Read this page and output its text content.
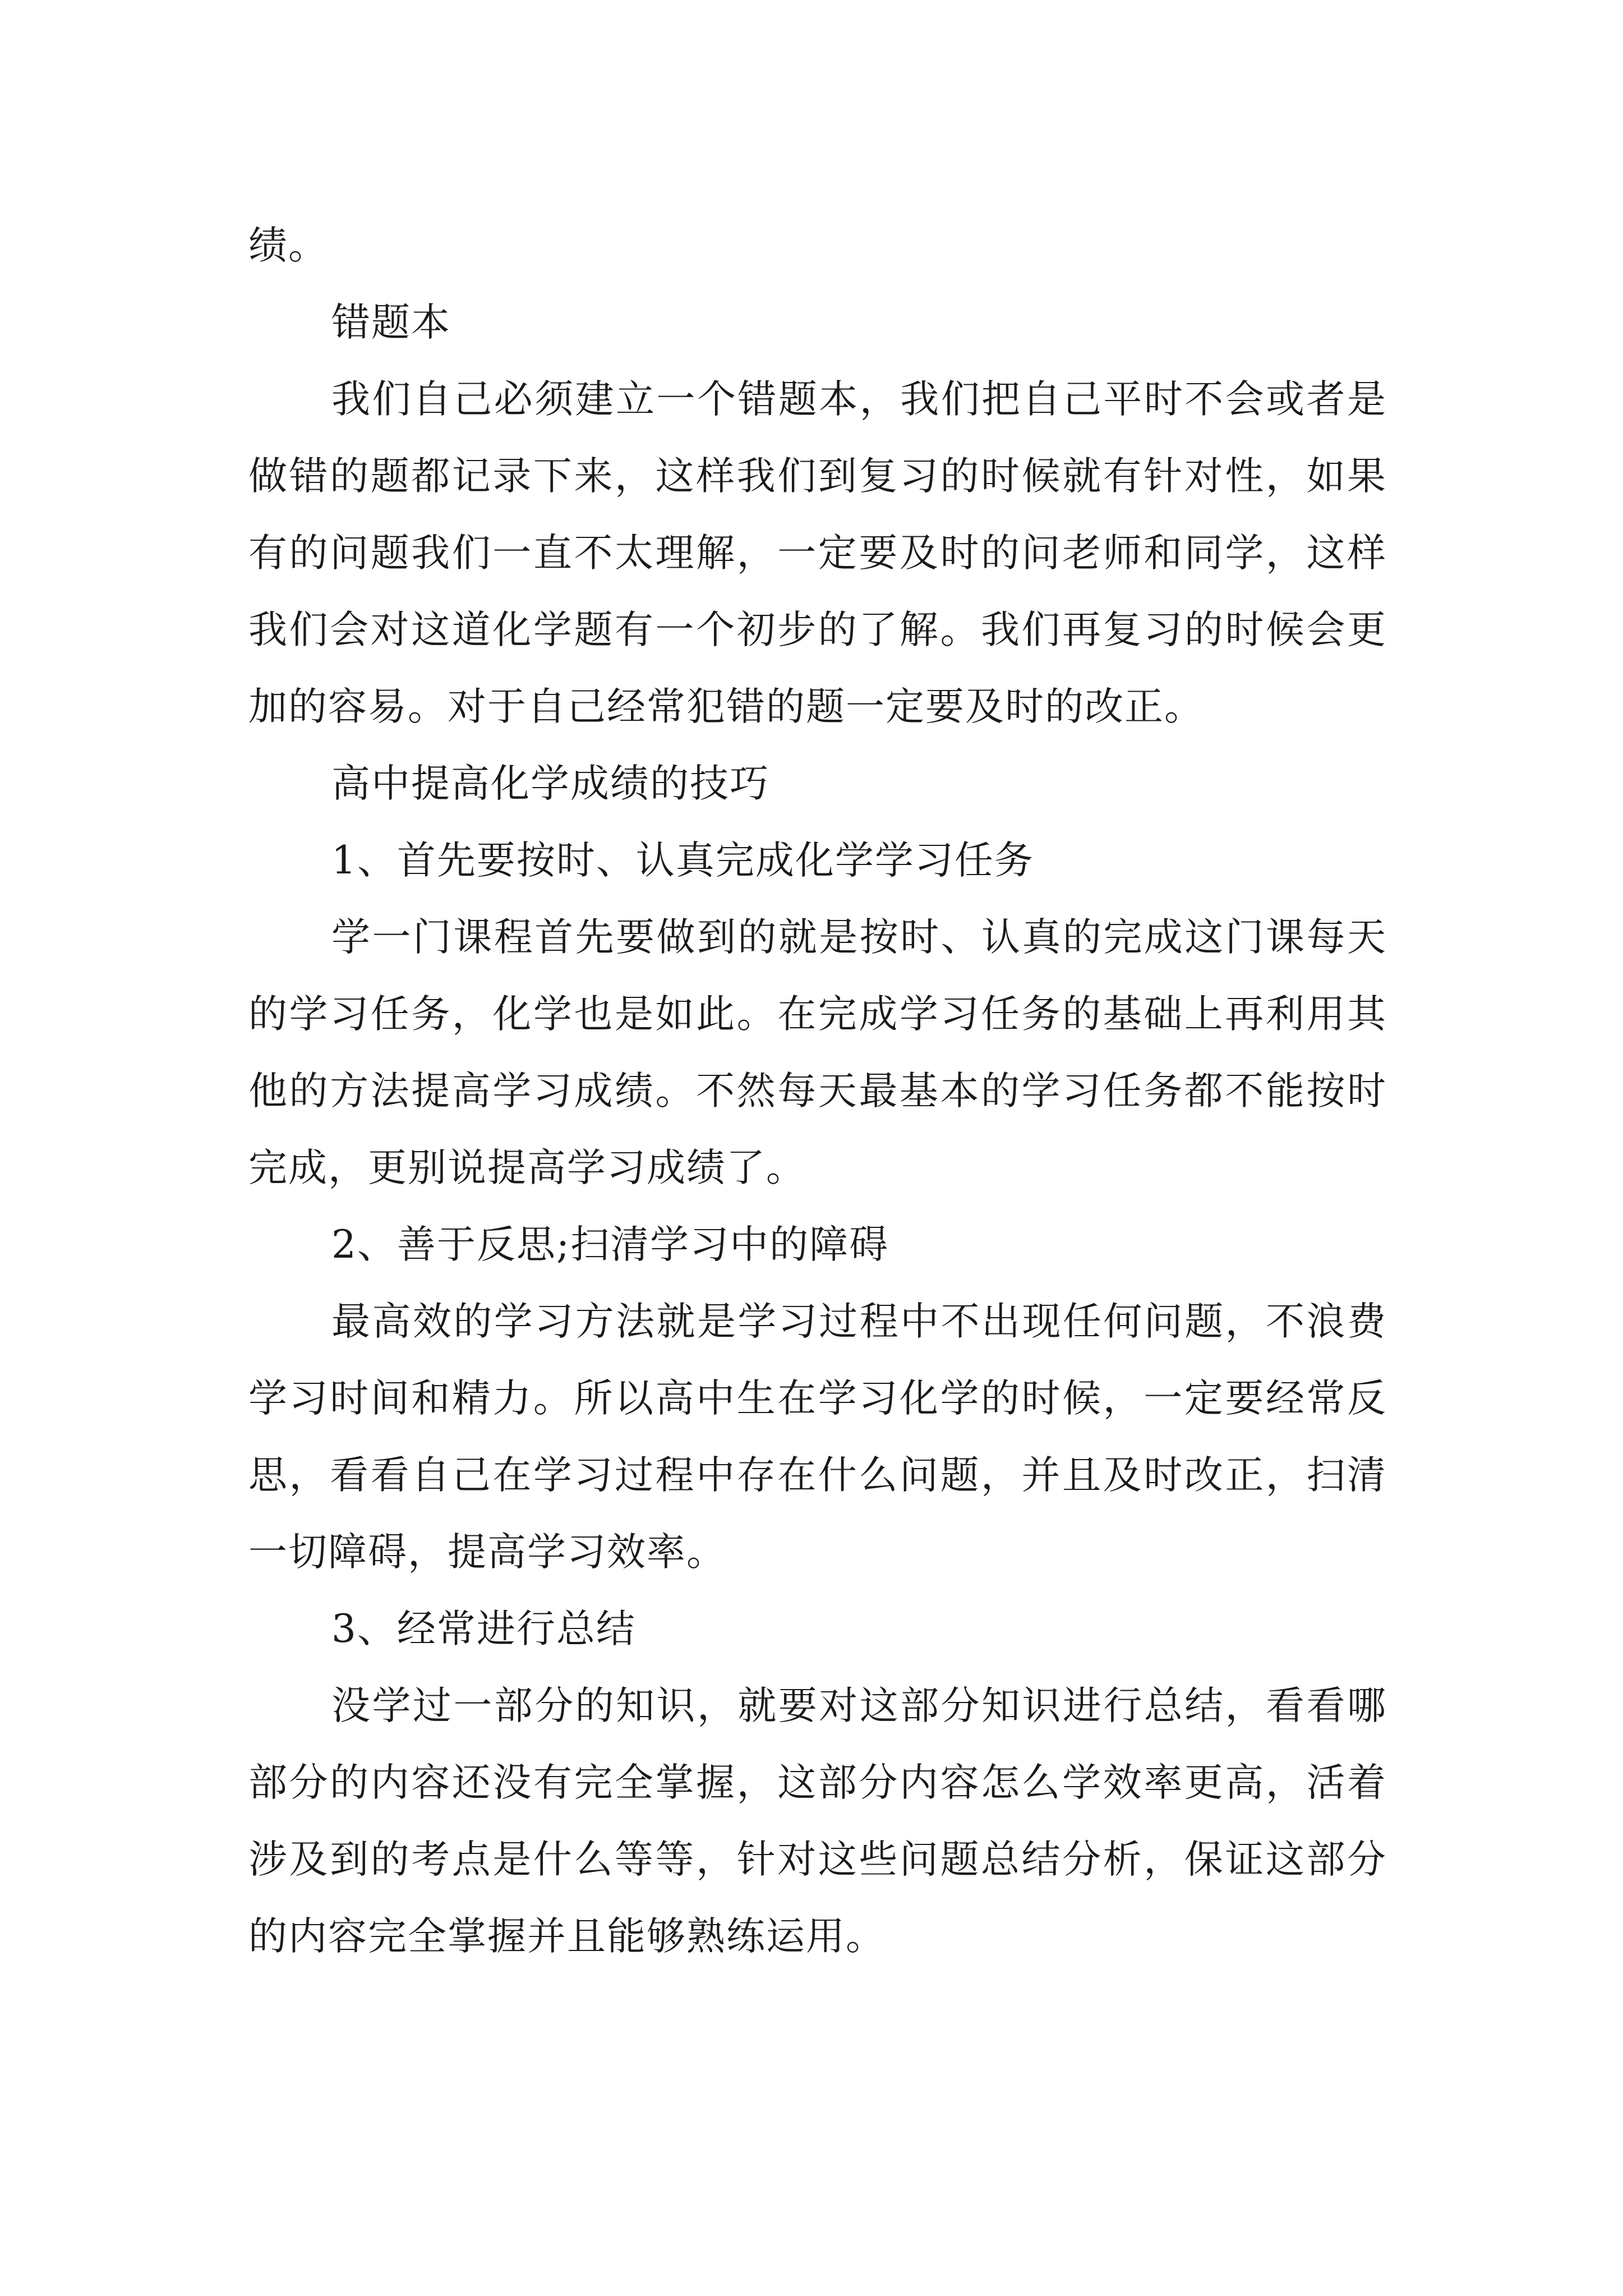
绩。

错题本

我们自己必须建立一个错题本，我们把自己平时不会或者是做错的题都记录下来，这样我们到复习的时候就有针对性，如果有的问题我们一直不太理解，一定要及时的问老师和同学，这样我们会对这道化学题有一个初步的了解。我们再复习的时候会更加的容易。对于自己经常犯错的题一定要及时的改正。

高中提高化学成绩的技巧

1、首先要按时、认真完成化学学习任务

学一门课程首先要做到的就是按时、认真的完成这门课每天的学习任务，化学也是如此。在完成学习任务的基础上再利用其他的方法提高学习成绩。不然每天最基本的学习任务都不能按时完成，更别说提高学习成绩了。

2、善于反思;扫清学习中的障碍

最高效的学习方法就是学习过程中不出现任何问题，不浪费学习时间和精力。所以高中生在学习化学的时候，一定要经常反思，看看自己在学习过程中存在什么问题，并且及时改正，扫清一切障碍，提高学习效率。

3、经常进行总结

没学过一部分的知识，就要对这部分知识进行总结，看看哪部分的内容还没有完全掌握，这部分内容怎么学效率更高，活着涉及到的考点是什么等等，针对这些问题总结分析，保证这部分的内容完全掌握并且能够熟练运用。
